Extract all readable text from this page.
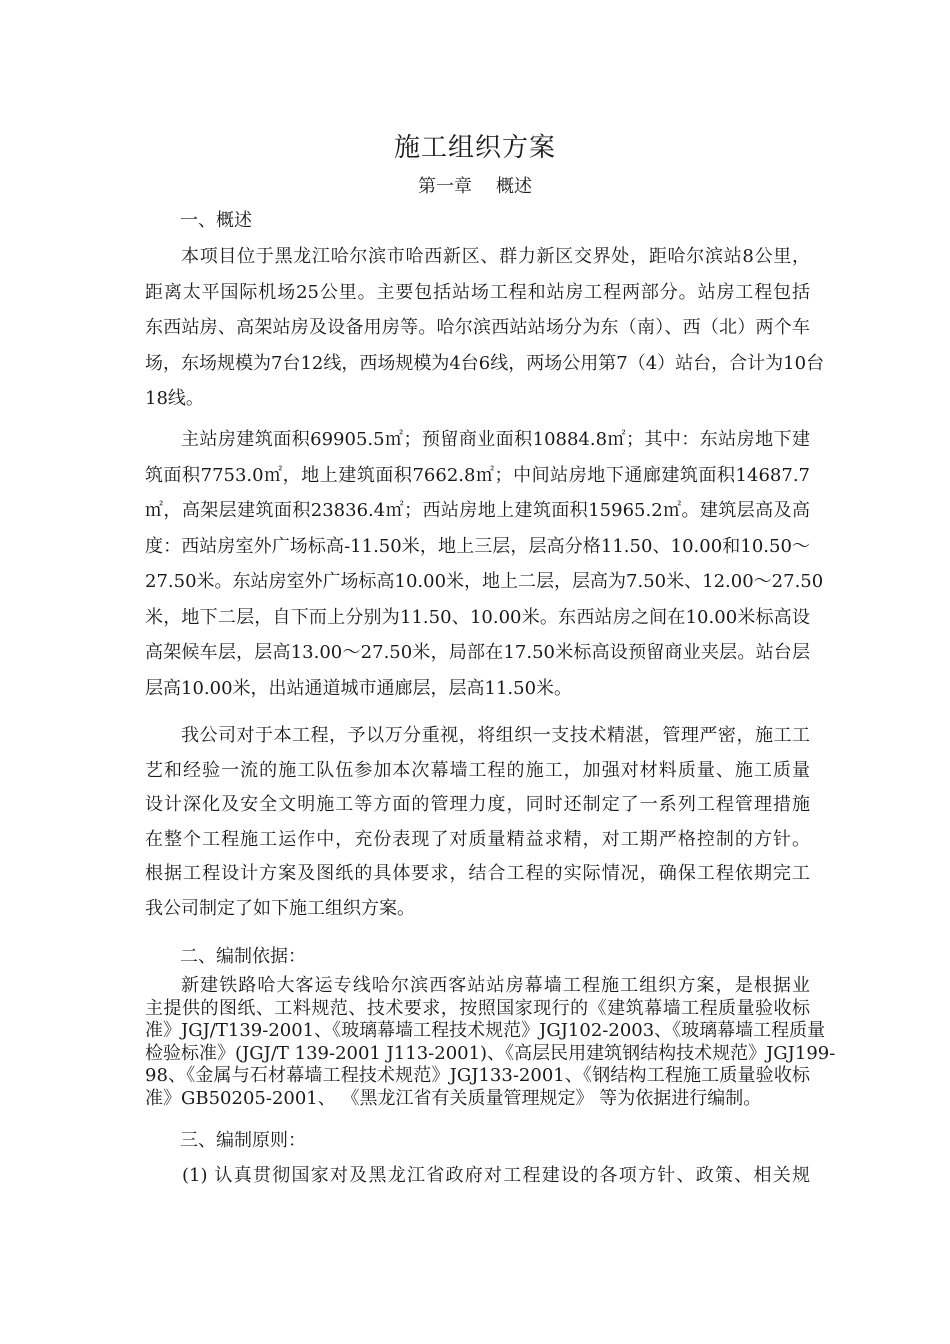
施工组织方案
第一章 概述
一、概述
本项目位于黑龙江哈尔滨市哈西新区、群力新区交界处，距哈尔滨站8公里，
距离太平国际机场25公里。主要包括站场工程和站房工程两部分。站房工程包括
东西站房、高架站房及设备用房等。哈尔滨西站站场分为东（南）、西（北）两个车
场，东场规模为7台12线，西场规模为4台6线，两场公用第7（4）站台，合计为10台
18线。
主站房建筑面积69905.5㎡；预留商业面积10884.8㎡；其中：东站房地下建
筑面积7753.0㎡，地上建筑面积7662.8㎡；中间站房地下通廊建筑面积14687.7
㎡，高架层建筑面积23836.4㎡；西站房地上建筑面积15965.2㎡。建筑层高及高
度：西站房室外广场标高-11.50米，地上三层，层高分格11.50、10.00和10.50～
27.50米。东站房室外广场标高10.00米，地上二层，层高为7.50米、12.00～27.50
米，地下二层，自下而上分别为11.50、10.00米。东西站房之间在10.00米标高设
高架候车层，层高13.00～27.50米，局部在17.50米标高设预留商业夹层。站台层
层高10.00米，出站通道城市通廊层，层高11.50米。
我公司对于本工程，予以万分重视，将组织一支技术精湛，管理严密，施工工
艺和经验一流的施工队伍参加本次幕墙工程的施工，加强对材料质量、施工质量
设计深化及安全文明施工等方面的管理力度，同时还制定了一系列工程管理措施
在整个工程施工运作中，充份表现了对质量精益求精，对工期严格控制的方针。
根据工程设计方案及图纸的具体要求，结合工程的实际情况，确保工程依期完工
我公司制定了如下施工组织方案。
二、编制依据：
新建铁路哈大客运专线哈尔滨西客站站房幕墙工程施工组织方案，是根据业
主提供的图纸、工料规范、技术要求，按照国家现行的《建筑幕墙工程质量验收标
准》JGJ/T139-2001、《玻璃幕墙工程技术规范》JGJ102-2003、《玻璃幕墙工程质量
检验标准》(JGJ/T 139-2001 J113-2001)、《高层民用建筑钢结构技术规范》JGJ199-
98、《金属与石材幕墙工程技术规范》JGJ133-2001、《钢结构工程施工质量验收标
准》GB50205-2001、 《黑龙江省有关质量管理规定》 等为依据进行编制。
三、编制原则：
(1) 认真贯彻国家对及黑龙江省政府对工程建设的各项方针、政策、相关规
